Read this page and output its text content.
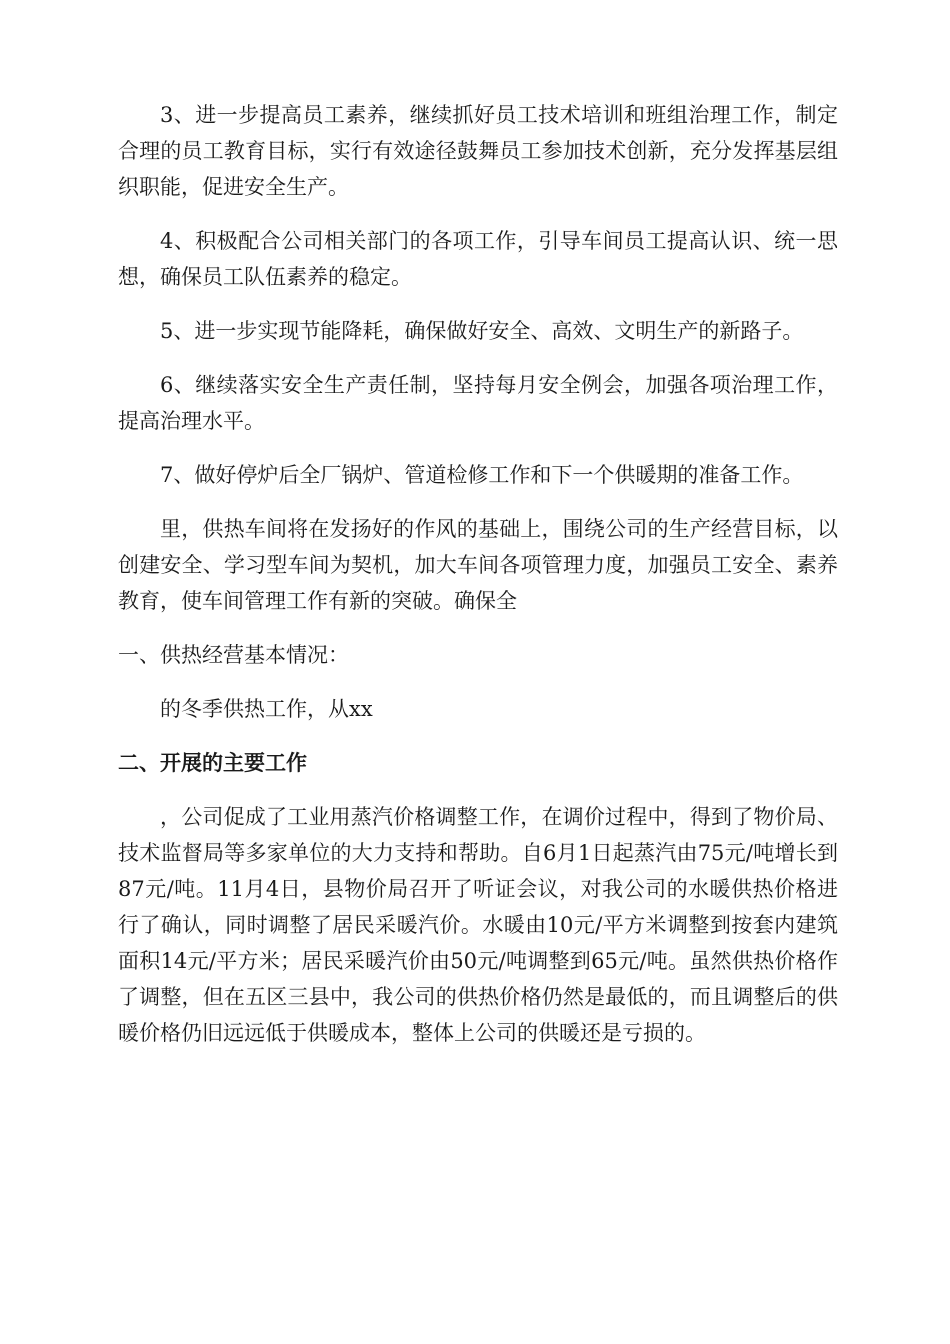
3、进一步提高员工素养，继续抓好员工技术培训和班组治理工作，制定合理的员工教育目标，实行有效途径鼓舞员工参加技术创新，充分发挥基层组织职能，促进安全生产。

4、积极配合公司相关部门的各项工作，引导车间员工提高认识、统一思想，确保员工队伍素养的稳定。

5、进一步实现节能降耗，确保做好安全、高效、文明生产的新路子。

6、继续落实安全生产责任制，坚持每月安全例会，加强各项治理工作，提高治理水平。

7、做好停炉后全厂锅炉、管道检修工作和下一个供暖期的准备工作。

里，供热车间将在发扬好的作风的基础上，围绕公司的生产经营目标，以创建安全、学习型车间为契机，加大车间各项管理力度，加强员工安全、素养教育，使车间管理工作有新的突破。确保全

一、供热经营基本情况：

的冬季供热工作，从xx

二、开展的主要工作

，公司促成了工业用蒸汽价格调整工作，在调价过程中，得到了物价局、技术监督局等多家单位的大力支持和帮助。自6月1日起蒸汽由75元/吨增长到87元/吨。11月4日，县物价局召开了听证会议，对我公司的水暖供热价格进行了确认，同时调整了居民采暖汽价。水暖由10元/平方米调整到按套内建筑面积14元/平方米；居民采暖汽价由50元/吨调整到65元/吨。虽然供热价格作了调整，但在五区三县中，我公司的供热价格仍然是最低的，而且调整后的供暖价格仍旧远远低于供暖成本，整体上公司的供暖还是亏损的。
